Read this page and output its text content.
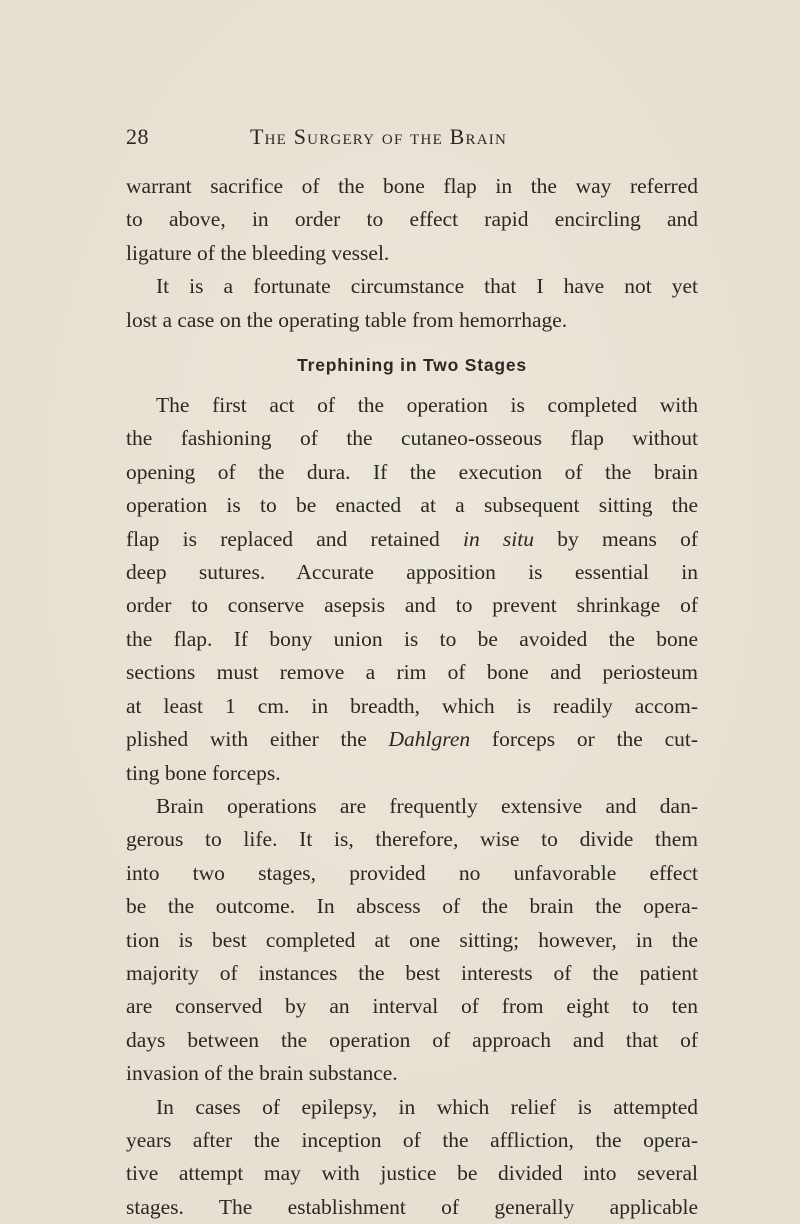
28	The Surgery of the Brain

warrant sacrifice of the bone flap in the way referred
to above, in order to effect rapid encircling and
ligature of the bleeding vessel.

It is a fortunate circumstance that I have not yet
lost a case on the operating table from hemorrhage.

Trephining in Two Stages

The first act of the operation is completed with
the fashioning of the cutaneo-osseous flap without
opening of the dura. If the execution of the brain
operation is to be enacted at a subsequent sitting the
flap is replaced and retained in situ by means of
deep sutures. Accurate apposition is essential in
order to conserve asepsis and to prevent shrinkage of
the flap. If bony union is to be avoided the bone
sections must remove a rim of bone and periosteum
at least 1 cm. in breadth, which is readily accom-
plished with either the Dahlgren forceps or the cut-
ting bone forceps.

Brain operations are frequently extensive and dan-
gerous to life. It is, therefore, wise to divide them
into two stages, provided no unfavorable effect
be the outcome. In abscess of the brain the opera-
tion is best completed at one sitting; however, in the
majority of instances the best interests of the patient
are conserved by an interval of from eight to ten
days between the operation of approach and that of
invasion of the brain substance.

In cases of epilepsy, in which relief is attempted
years after the inception of the affliction, the opera-
tive attempt may with justice be divided into several
stages. The establishment of generally applicable
